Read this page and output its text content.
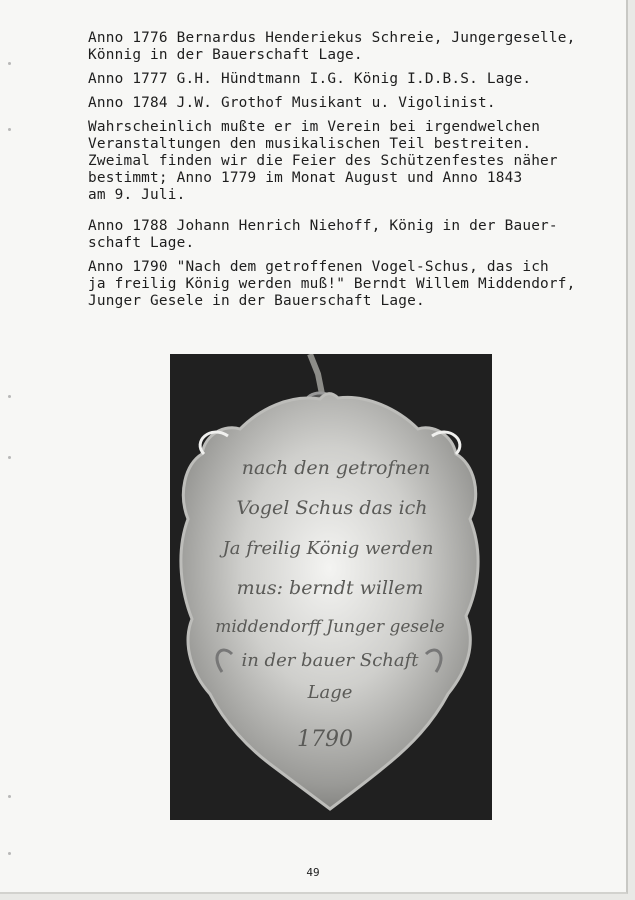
Anno 1776 Bernardus Henderiekus Schreie, Jungergeselle,
Könnig in der Bauerschaft Lage.

Anno 1777 G.H. Hündtmann I.G. König I.D.B.S. Lage.

Anno 1784 J.W. Grothof Musikant u. Vigolinist.

Wahrscheinlich mußte er im Verein bei irgendwelchen
Veranstaltungen den musikalischen Teil bestreiten.
Zweimal finden wir die Feier des Schützenfestes näher
bestimmt; Anno 1779 im Monat August und Anno 1843
am 9. Juli.

Anno 1788 Johann Henrich Niehoff, König in der Bauer-
schaft Lage.

Anno 1790 "Nach dem getroffenen Vogel-Schus, das ich
ja freilig König werden muß!" Berndt Willem Middendorf,
Junger Gesele in der Bauerschaft Lage.

nach den getrofnen
Vogel Schus das ich
Ja freilig König werden
mus: berndt willem
middendorff Junger gesele
in der bauer Schaft
Lage
1790
49
